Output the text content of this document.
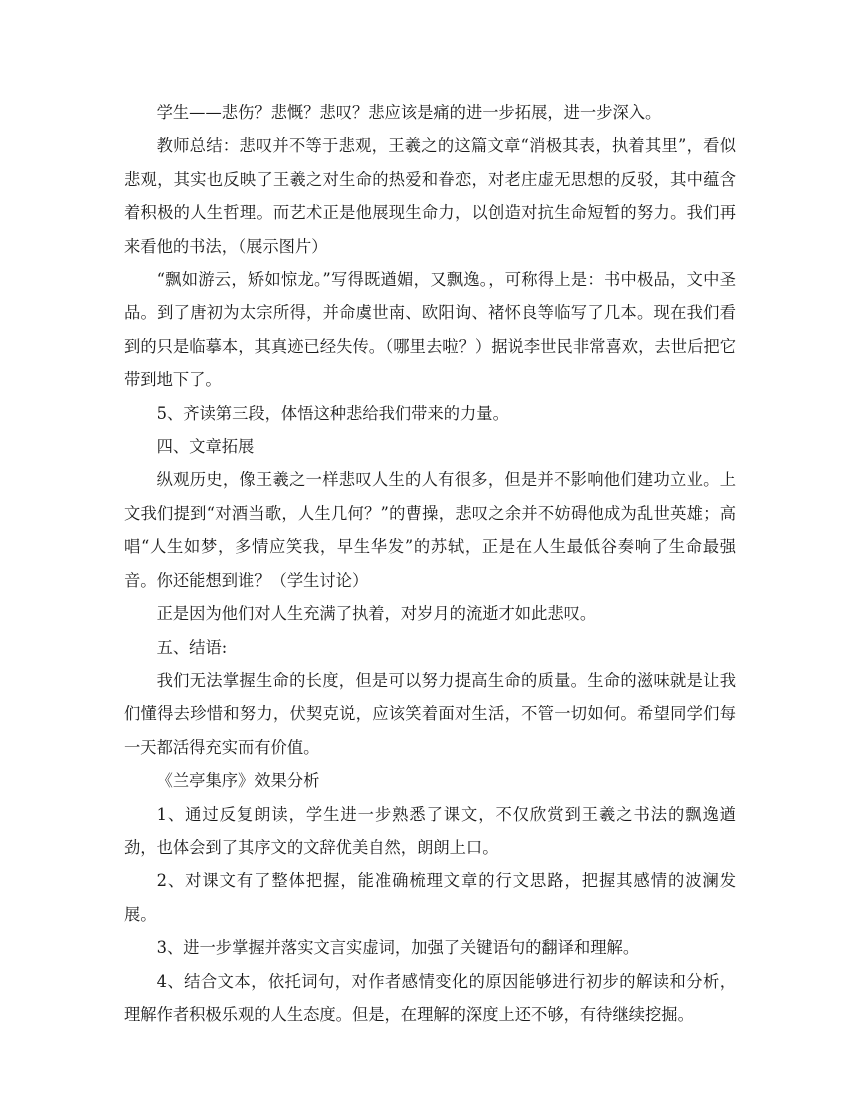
学生——悲伤？悲慨？悲叹？悲应该是痛的进一步拓展，进一步深入。

教师总结：悲叹并不等于悲观，王羲之的这篇文章“消极其表，执着其里”，看似悲观，其实也反映了王羲之对生命的热爱和眷恋，对老庄虚无思想的反驳，其中蕴含着积极的人生哲理。而艺术正是他展现生命力，以创造对抗生命短暂的努力。我们再来看他的书法，（展示图片）

“飘如游云，矫如惊龙。”写得既遒媚，又飘逸。，可称得上是：书中极品，文中圣品。到了唐初为太宗所得，并命虞世南、欧阳询、褚怀良等临写了几本。现在我们看到的只是临摹本，其真迹已经失传。（哪里去啦？）据说李世民非常喜欢，去世后把它带到地下了。

5、齐读第三段，体悟这种悲给我们带来的力量。

四、文章拓展

纵观历史，像王羲之一样悲叹人生的人有很多，但是并不影响他们建功立业。上文我们提到“对酒当歌，人生几何？”的曹操，悲叹之余并不妨碍他成为乱世英雄；高唱“人生如梦，多情应笑我，早生华发”的苏轼，正是在人生最低谷奏响了生命最强音。你还能想到谁？（学生讨论）

正是因为他们对人生充满了执着，对岁月的流逝才如此悲叹。

五、结语:

我们无法掌握生命的长度，但是可以努力提高生命的质量。生命的滋味就是让我们懂得去珍惜和努力，伏契克说，应该笑着面对生活，不管一切如何。希望同学们每一天都活得充实而有价值。

《兰亭集序》效果分析

1、通过反复朗读，学生进一步熟悉了课文，不仅欣赏到王羲之书法的飘逸遒劲，也体会到了其序文的文辞优美自然，朗朗上口。

2、对课文有了整体把握，能准确梳理文章的行文思路，把握其感情的波澜发展。

3、进一步掌握并落实文言实虚词，加强了关键语句的翻译和理解。

4、结合文本，依托词句，对作者感情变化的原因能够进行初步的解读和分析，理解作者积极乐观的人生态度。但是，在理解的深度上还不够，有待继续挖掘。
